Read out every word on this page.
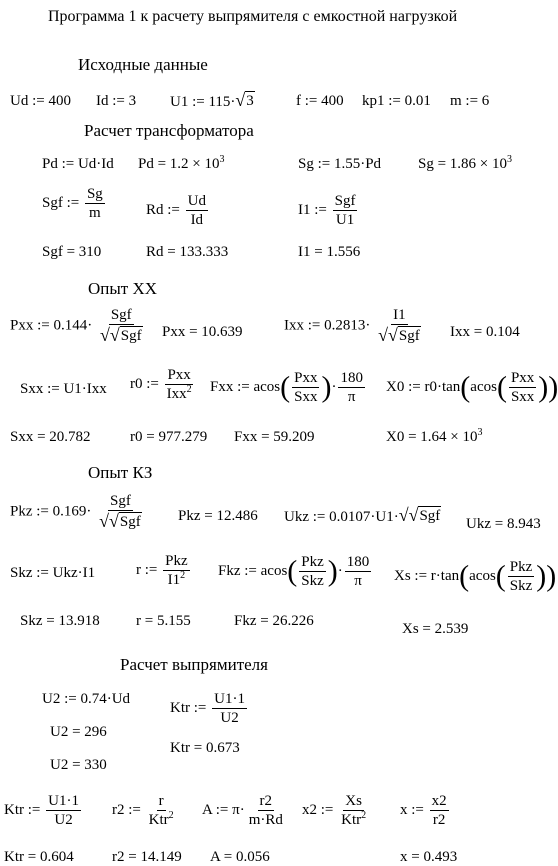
Программа 1 к расчету выпрямителя с емкостной нагрузкой
Исходные данные
Ud := 400 Id := 3 U1 := 115· √ 3	f := 400 kp1 := 0.01 m := 6
Расчет трансформатора
Pd := Ud·Id $Pd = 1.2 \times 10^3$	Sg := 1.55·Pd $Sg = 1.86 \times 10^3$
Sgf := $\frac{Sg}{m}$	Rd := $\frac{Ud}{Id}$	I1 := $\frac{\text{Sgf}}{U1}$
Sgf = 310	Rd = 133.333	I1 = 1.556
Опыт ХХ
Pxx := $0.144\cdot \frac{\text{Sgf}}{\text{√√ Sgf}}$ Pxx = 10.639	Ixx := $0.2813\cdot \frac{I1}{\text{√√ Sgf}}$ Ixx = 0.104
Sxx := U1·Ixx r0 := $\frac{\text{Pxx}}{Ixx^2}$ Fxx := $acos( \frac{\text{Pxx}}{\text{Sxx}}$ )· $\frac{180}{\pi} X0$ := $r0\cdot\tan(acos( \frac{\text{Pxx}}{\text{Sxx}}$ ))
Sxx = 20.782	r0 = 977.279 Fxx = 59.209	$X0 = 1.64 \times 10^3$
Опыт КЗ
Pkz := $0.169\cdot \frac{\text{Sgf}}{\text{√√ Sgf}}$ Pkz = 12.486 Ukz := 0.0107·U1· √√ Sgf Ukz = 8.943
Skz := Ukz·I1	r := $\frac{\text{Pkz}}{I1^2}$ Fkz := $acos( \frac{\text{Pkz}}{\text{Skz}}$ )· $\frac{180}{\pi}$ Xs := $r\cdot\tan(acos( \frac{\text{Pkz}}{\text{Skz}}$ ))
Skz = 13.918 r = 5.155	Fkz = 26.226	Xs = 2.539
Расчет выпрямителя
U2 := 0.74·Ud
Ktr := $\frac{U1\cdot 1}{U2}$
U2 = 296
Ktr = 0.673
U2 = 330
Ktr := $\frac{U1\cdot 1}{U2} r2$ := $\frac{r}{Ktr^2}$ A := $\pi\cdot \frac{r2}{m\cdot Rd} x2$ := $\frac{Xs}{Ktr^2}$ x := $\frac{x2}{r2}$
Ktr = 0.604	r2 = 14.149 A = 0.056	x = 0.493
